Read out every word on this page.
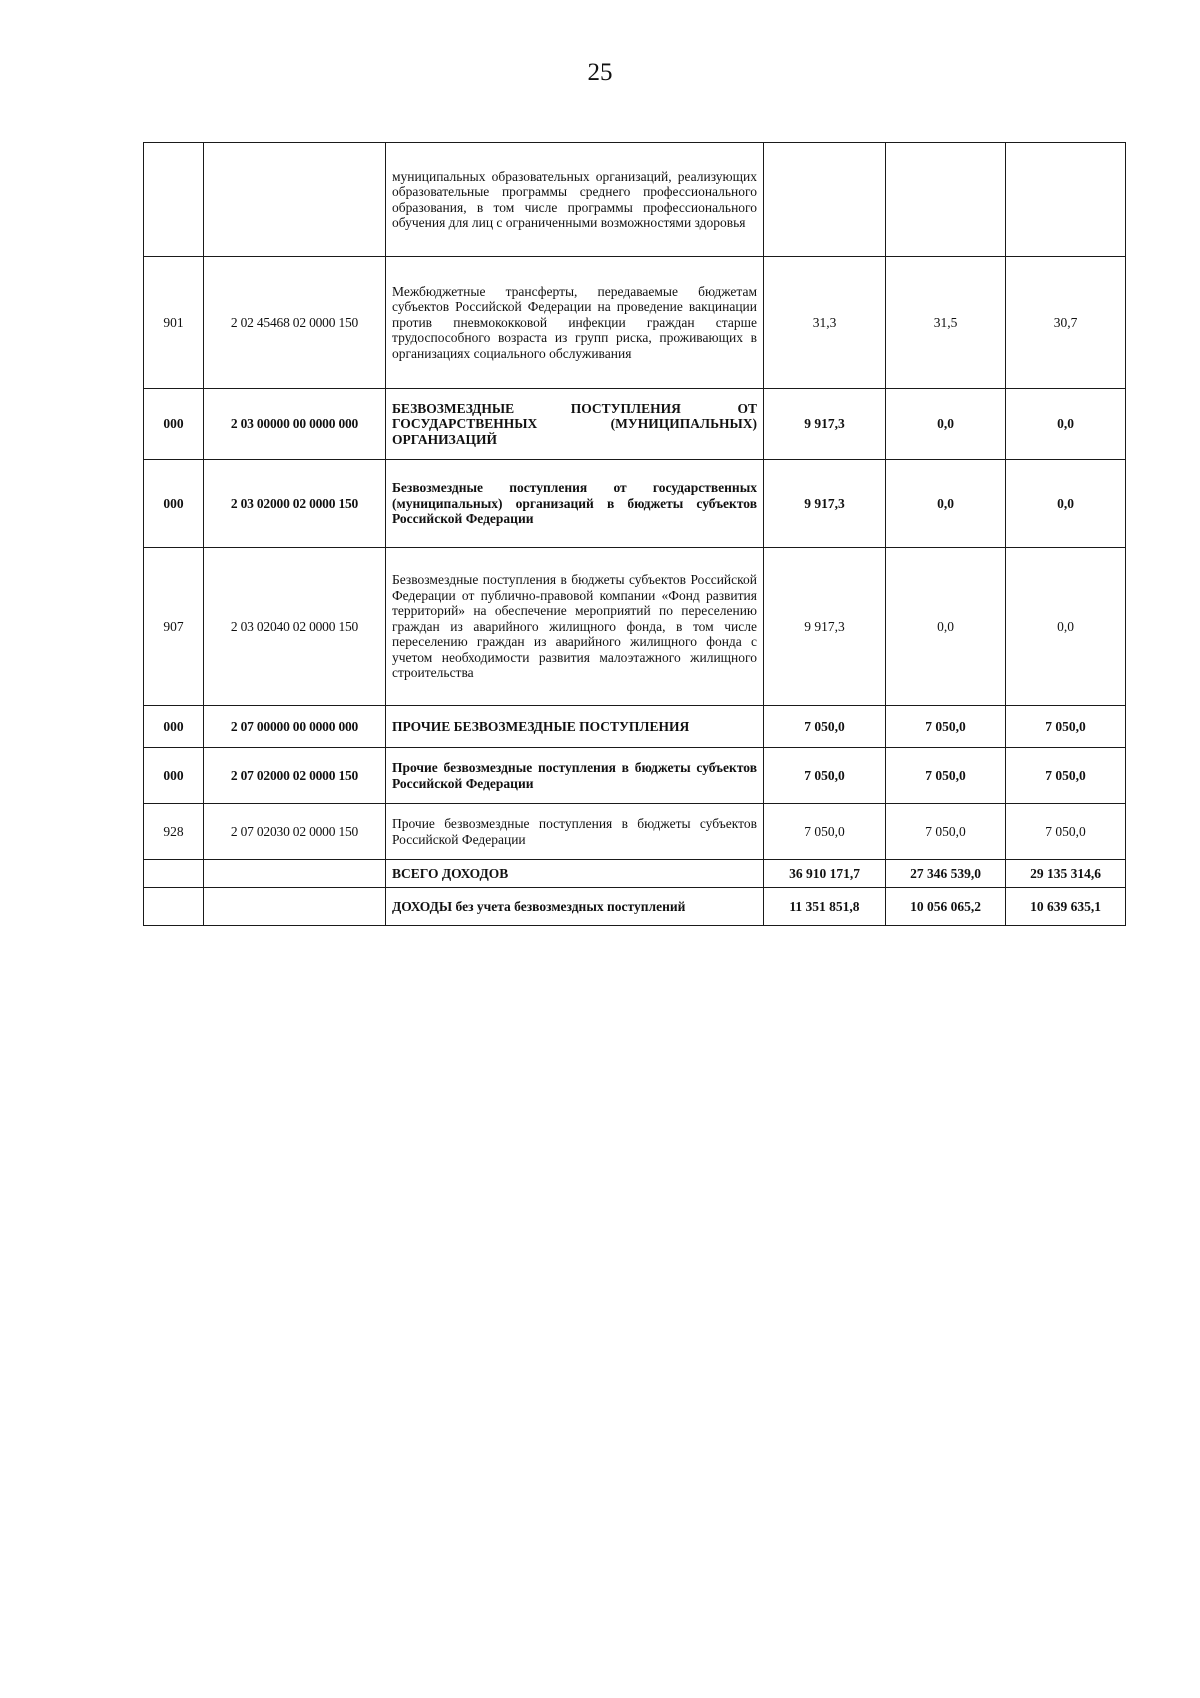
25
		муниципальных образовательных организаций, реализующих образовательные программы среднего профессионального образования, в том числе программы профессионального обучения для лиц с ограниченными возможностями здоровья			
901	2 02 45468 02 0000 150	Межбюджетные трансферты, передаваемые бюджетам субъектов Российской Федерации на проведение вакцинации против пневмококковой инфекции граждан старше трудоспособного возраста из групп риска, проживающих в организациях социального обслуживания	31,3	31,5	30,7
000	2 03 00000 00 0000 000	БЕЗВОЗМЕЗДНЫЕ ПОСТУПЛЕНИЯ ОТ ГОСУДАРСТВЕННЫХ (МУНИЦИПАЛЬНЫХ) ОРГАНИЗАЦИЙ	9 917,3	0,0	0,0
000	2 03 02000 02 0000 150	Безвозмездные поступления от государственных (муниципальных) организаций в бюджеты субъектов Российской Федерации	9 917,3	0,0	0,0
907	2 03 02040 02 0000 150	Безвозмездные поступления в бюджеты субъектов Российской Федерации от публично-правовой компании «Фонд развития территорий» на обеспечение мероприятий по переселению граждан из аварийного жилищного фонда, в том числе переселению граждан из аварийного жилищного фонда с учетом необходимости развития малоэтажного жилищного строительства	9 917,3	0,0	0,0
000	2 07 00000 00 0000 000	ПРОЧИЕ БЕЗВОЗМЕЗДНЫЕ ПОСТУПЛЕНИЯ	7 050,0	7 050,0	7 050,0
000	2 07 02000 02 0000 150	Прочие безвозмездные поступления в бюджеты субъектов Российской Федерации	7 050,0	7 050,0	7 050,0
928	2 07 02030 02 0000 150	Прочие безвозмездные поступления в бюджеты субъектов Российской Федерации	7 050,0	7 050,0	7 050,0
		ВСЕГО ДОХОДОВ	36 910 171,7	27 346 539,0	29 135 314,6
		ДОХОДЫ без учета безвозмездных поступлений	11 351 851,8	10 056 065,2	10 639 635,1
